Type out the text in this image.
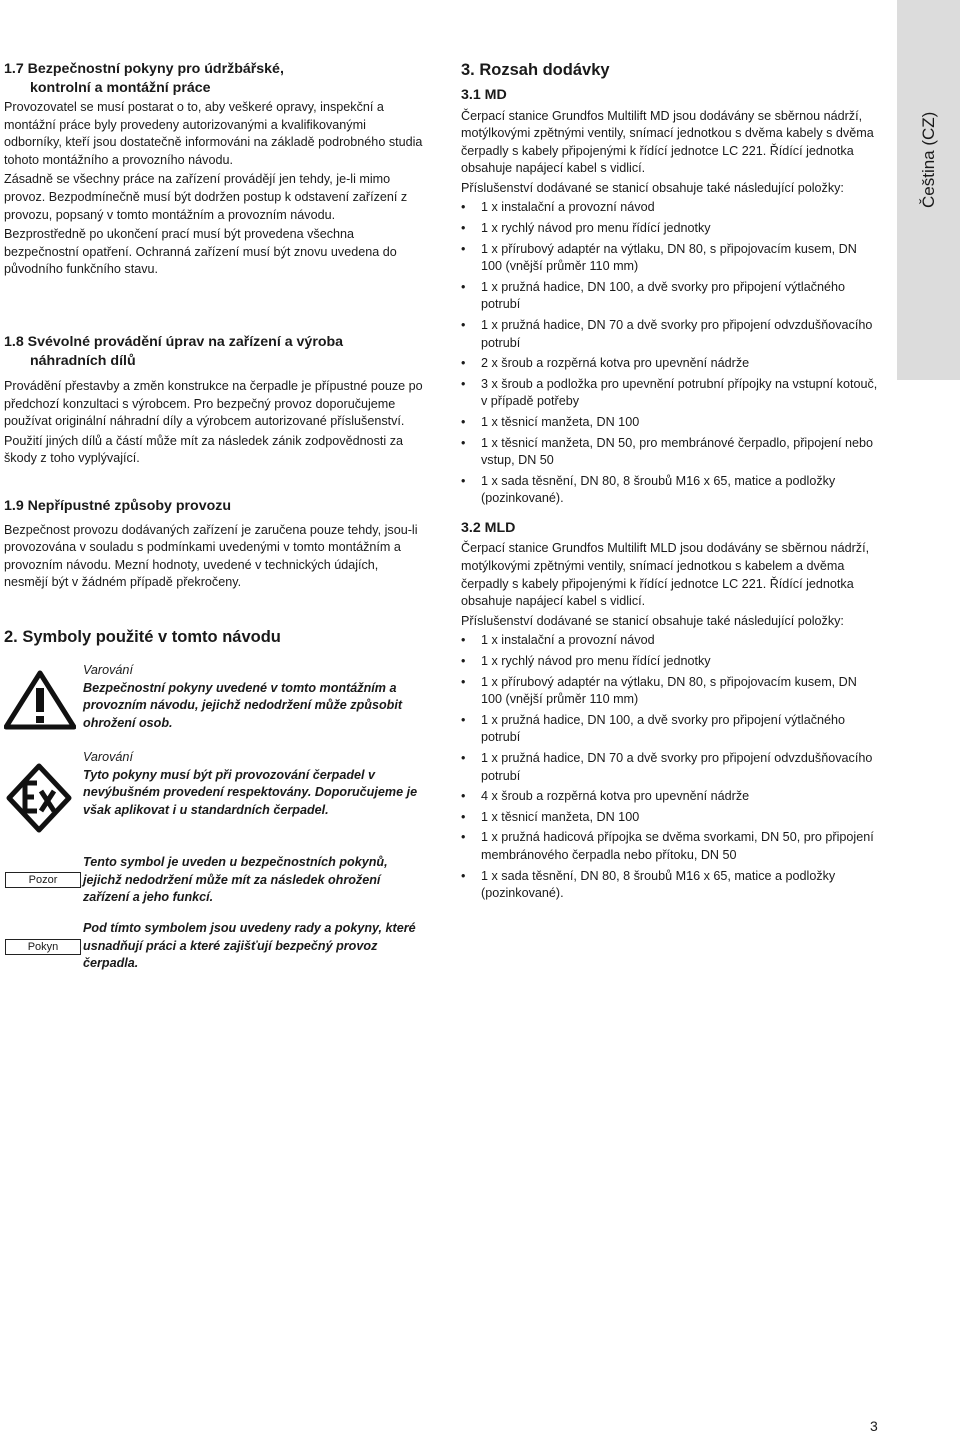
Čeština (CZ)
1.7 Bezpečnostní pokyny pro údržbářské,
kontrolní a montážní práce

Provozovatel se musí postarat o to, aby veškeré opravy, inspekční a montážní práce byly provedeny autorizovanými a kvalifikovanými odborníky, kteří jsou dostatečně informováni na základě podrobného studia tohoto montážního a provozního návodu.

Zásadně se všechny práce na zařízení provádějí jen tehdy, je-li mimo provoz. Bezpodmínečně musí být dodržen postup k odstavení zařízení z provozu, popsaný v tomto montážním a provozním návodu.

Bezprostředně po ukončení prací musí být provedena všechna bezpečnostní opatření. Ochranná zařízení musí být znovu uvedena do původního funkčního stavu.

1.8 Svévolné provádění úprav na zařízení a výroba
náhradních dílů

Provádění přestavby a změn konstrukce na čerpadle je přípustné pouze po předchozí konzultaci s výrobcem. Pro bezpečný provoz doporučujeme používat originální náhradní díly a výrobcem autorizované příslušenství.

Použití jiných dílů a částí může mít za následek zánik zodpovědnosti za škody z toho vyplývající.

1.9 Nepřípustné způsoby provozu

Bezpečnost provozu dodávaných zařízení je zaručena pouze tehdy, jsou-li provozována v souladu s podmínkami uvedenými v tomto montážním a provozním návodu. Mezní hodnoty, uvedené v technických údajích, nesmějí být v žádném případě překročeny.

2. Symboly použité v tomto návodu

Varování

Bezpečnostní pokyny uvedené v tomto montážním a provozním návodu, jejichž nedodržení může způsobit ohrožení osob.

Varování

Tyto pokyny musí být při provozování čerpadel v nevýbušném provedení respektovány. Doporučujeme je však aplikovat i u standardních čerpadel.

Pozor

Tento symbol je uveden u bezpečnostních pokynů, jejichž nedodržení může mít za následek ohrožení zařízení a jeho funkcí.

Pokyn

Pod tímto symbolem jsou uvedeny rady a pokyny, které usnadňují práci a které zajišťují bezpečný provoz čerpadla.

3. Rozsah dodávky
3.1 MD

Čerpací stanice Grundfos Multilift MD jsou dodávány se sběrnou nádrží, motýlkovými zpětnými ventily, snímací jednotkou s dvěma kabely s dvěma čerpadly s kabely připojenými k řídící jednotce LC 221. Řídící jednotka obsahuje napájecí kabel s vidlicí.

Příslušenství dodávané se stanicí obsahuje také následující položky:

• 1 x instalační a provozní návod
• 1 x rychlý návod pro menu řídící jednotky
• 1 x přírubový adaptér na výtlaku, DN 80, s připojovacím kusem, DN 100 (vnější průměr 110 mm)
• 1 x pružná hadice, DN 100, a dvě svorky pro připojení výtlačného potrubí
• 1 x pružná hadice, DN 70 a dvě svorky pro připojení odvzdušňovacího potrubí
• 2 x šroub a rozpěrná kotva pro upevnění nádrže
• 3 x šroub a podložka pro upevnění potrubní přípojky na vstupní kotouč, v případě potřeby
• 1 x těsnicí manžeta, DN 100
• 1 x těsnicí manžeta, DN 50, pro membránové čerpadlo, připojení nebo vstup, DN 50
• 1 x sada těsnění, DN 80, 8 šroubů M16 x 65, matice a podložky (pozinkované).
3.2 MLD

Čerpací stanice Grundfos Multilift MLD jsou dodávány se sběrnou nádrží, motýlkovými zpětnými ventily, snímací jednotkou s kabelem a dvěma čerpadly s kabely připojenými k řídící jednotce LC 221. Řídící jednotka obsahuje napájecí kabel s vidlicí.

Příslušenství dodávané se stanicí obsahuje také následující položky:

• 1 x instalační a provozní návod
• 1 x rychlý návod pro menu řídící jednotky
• 1 x přírubový adaptér na výtlaku, DN 80, s připojovacím kusem, DN 100 (vnější průměr 110 mm)
• 1 x pružná hadice, DN 100, a dvě svorky pro připojení výtlačného potrubí
• 1 x pružná hadice, DN 70 a dvě svorky pro připojení odvzdušňovacího potrubí
• 4 x šroub a rozpěrná kotva pro upevnění nádrže
• 1 x těsnicí manžeta, DN 100
• 1 x pružná hadicová přípojka se dvěma svorkami, DN 50, pro připojení membránového čerpadla nebo přítoku, DN 50
• 1 x sada těsnění, DN 80, 8 šroubů M16 x 65, matice a podložky (pozinkované).
3
